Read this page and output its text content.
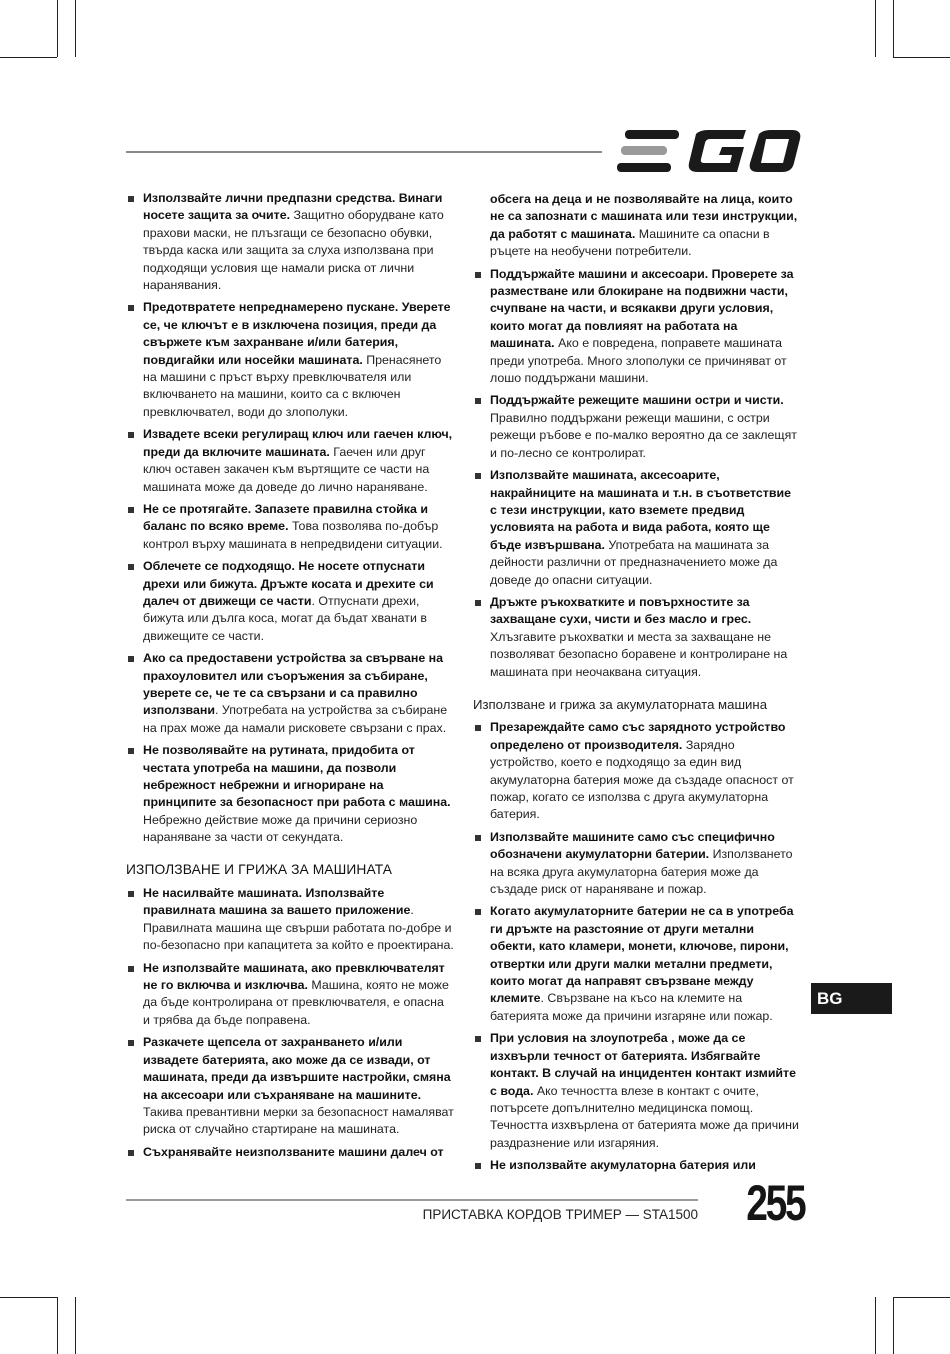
Използвайте лични предпазни средства. Винаги носете защита за очите. Защитно оборудване като прахови маски, не плъзгащи се безопасно обувки, твърда каска или защита за слуха използвана при подходящи условия ще намали риска от лични наранявания.
Предотвратете непреднамерено пускане. Уверете се, че ключът е в изключена позиция, преди да свържете към захранване и/или батерия, повдигайки или носейки машината. Пренасянето на машини с пръст върху превключвателя или включването на машини, които са с включен превключвател, води до злополуки.
Извадете всеки регулиращ ключ или гаечен ключ, преди да включите машината. Гаечен или друг ключ оставен закачен към въртящите се части на машината може да доведе до лично нараняване.
Не се протягайте. Запазете правилна стойка и баланс по всяко време. Това позволява по-добър контрол върху машината в непредвидени ситуации.
Облечете се подходящо. Не носете отпуснати дрехи или бижута. Дръжте косата и дрехите си далеч от движещи се части. Отпуснати дрехи, бижута или дълга коса, могат да бъдат хванати в движещите се части.
Ако са предоставени устройства за свърване на прахоуловител или съоръжения за събиране, уверете се, че те са свързани и са правилно използвани. Употребата на устройства за събиране на прах може да намали рисковете свързани с прах.
Не позволявайте на рутината, придобита от честата употреба на машини, да позволи небрежност небрежни и игнориране на принципите за безопасност при работа с машина. Небрежно действие може да причини сериозно нараняване за части от секундата.
ИЗПОЛЗВАНЕ И ГРИЖА ЗА МАШИНАТА
Не насилвайте машината. Използвайте правилната машина за вашето приложение. Правилната машина ще свърши работата по-добре и по-безопасно при капацитета за който е проектирана.
Не използвайте машината, ако превключвателят не го включва и изключва. Машина, която не може да бъде контролирана от превключвателя, е опасна и трябва да бъде поправена.
Разкачете щепсела от захранването и/или извадете батерията, ако може да се извади, от машината, преди да извършите настройки, смяна на аксесоари или съхраняване на машините. Такива превантивни мерки за безопасност намаляват риска от случайно стартиране на машината.
Съхранявайте неизползваните машини далеч от
обсега на деца и не позволявайте на лица, които не са запознати с машината или тези инструкции, да работят с машината. Машините са опасни в ръцете на необучени потребители.
Поддържайте машини и аксесоари. Проверете за разместване или блокиране на подвижни части, счупване на части, и всякакви други условия, които могат да повлияят на работата на машината. Ако е повредена, поправете машината преди употреба. Много злополуки се причиняват от лошо поддържани машини.
Поддържайте режещите машини остри и чисти. Правилно поддържани режещи машини, с остри режещи ръбове е по-малко вероятно да се заклещят и по-лесно се контролират.
Използвайте машината, аксесоарите, накрайниците на машината и т.н. в съответствие с тези инструкции, като вземете предвид условията на работа и вида работа, която ще бъде извършвана. Употребата на машината за дейности различни от предназначението може да доведе до опасни ситуации.
Дръжте ръкохватките и повърхностите за захващане сухи, чисти и без масло и грес. Хлъзгавите ръкохватки и места за захващане не позволяват безопасно боравене и контролиране на машината при неочаквана ситуация.
Използване и грижа за акумулаторната машина
Презареждайте само със зарядното устройство определено от производителя. Зарядно устройство, което е подходящо за един вид акумулаторна батерия може да създаде опасност от пожар, когато се използва с друга акумулаторна батерия.
Използвайте машините само със специфично обозначени акумулаторни батерии. Използването на всяка друга акумулаторна батерия може да създаде риск от нараняване и пожар.
Когато акумулаторните батерии не са в употреба ги дръжте на разстояние от други метални обекти, като кламери, монети, ключове, пирони, отвертки или други малки метални предмети, които могат да направят свързване между клемите. Свързване на късо на клемите на батерията може да причини изгаряне или пожар.
При условия на злоупотреба , може да се изхвърли течност от батерията. Избягвайте контакт. В случай на инцидентен контакт измийте с вода. Ако течността влезе в контакт с очите, потърсете допълнително медицинска помощ. Течността изхвърлена от батерията може да причини раздразнение или изгаряния.
Не използвайте акумулаторна батерия или
BG
ПРИСТАВКА КОРДОВ ТРИМЕР — STA1500 255
